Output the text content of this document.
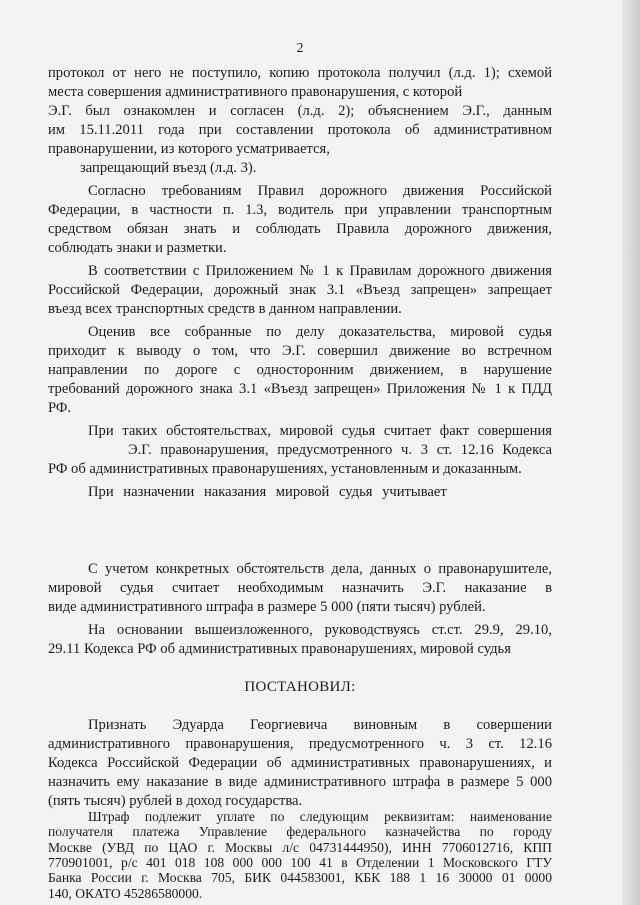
2
протокол от него не поступило, копию протокола получил (л.д. 1); схемой
места совершения административного правонарушения, с которой
Э.Г. был ознакомлен и согласен (л.д. 2); объяснением Э.Г., данным
им 15.11.2011 года при составлении протокола об административном
правонарушении, из которого усматривается,
запрещающий въезд (л.д. 3).
Согласно требованиям Правил дорожного движения Российской
Федерации, в частности п. 1.3, водитель при управлении транспортным
средством обязан знать и соблюдать Правила дорожного движения,
соблюдать знаки и разметки.
В соответствии с Приложением № 1 к Правилам дорожного движения
Российской Федерации, дорожный знак 3.1 «Въезд запрещен» запрещает
въезд всех транспортных средств в данном направлении.
Оценив все собранные по делу доказательства, мировой судья
приходит к выводу о том, что Э.Г. совершил движение во встречном
направлении по дороге с односторонним движением, в нарушение
требований дорожного знака 3.1 «Въезд запрещен» Приложения № 1 к ПДД
РФ.
При таких обстоятельствах, мировой судья считает факт совершения
Э.Г. правонарушения, предусмотренного ч. 3 ст. 12.16 Кодекса
РФ об административных правонарушениях, установленным и доказанным.
При назначении наказания мировой судья учитывает
С учетом конкретных обстоятельств дела, данных о правонарушителе,
мировой судья считает необходимым назначить Э.Г. наказание в
виде административного штрафа в размере 5 000 (пяти тысяч) рублей.
На основании вышеизложенного, руководствуясь ст.ст. 29.9, 29.10,
29.11 Кодекса РФ об административных правонарушениях, мировой судья
ПОСТАНОВИЛ:
Признать Эдуарда Георгиевича виновным в совершении
административного правонарушения, предусмотренного ч. 3 ст. 12.16
Кодекса Российской Федерации об административных правонарушениях, и
назначить ему наказание в виде административного штрафа в размере 5 000
(пять тысяч) рублей в доход государства.
Штраф подлежит уплате по следующим реквизитам: наименование
получателя платежа Управление федерального казначейства по городу
Москве (УВД по ЦАО г. Москвы л/с 04731444950), ИНН 7706012716, КПП
770901001, р/с 401 018 108 000 000 100 41 в Отделении 1 Московского ГТУ
Банка России г. Москва 705, БИК 044583001, КБК 188 1 16 30000 01 0000
140, ОКАТО 45286580000.
